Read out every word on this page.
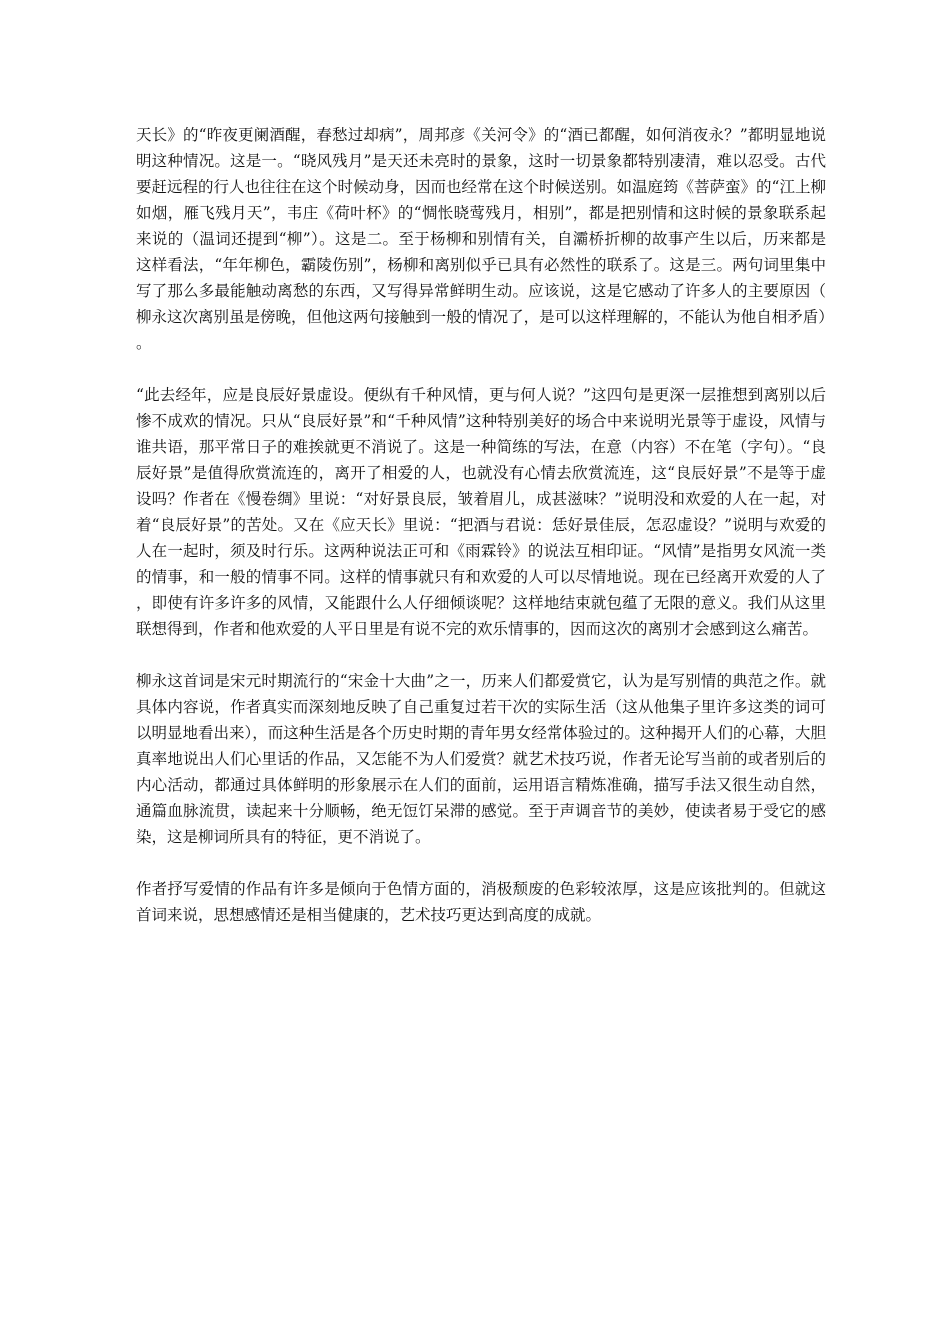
天长》的“昨夜更阑酒醒，春愁过却病”，周邦彦《关河令》的“酒已都醒，如何消夜永？”都明显地说明这种情况。这是一。“晓风残月”是天还未亮时的景象，这时一切景象都特别凄清，难以忍受。古代要赶远程的行人也往往在这个时候动身，因而也经常在这个时候送别。如温庭筠《菩萨蛮》的“江上柳如烟，雁飞残月天”，韦庄《荷叶杯》的“惆怅晓莺残月，相别”，都是把别情和这时候的景象联系起来说的（温词还提到“柳”）。这是二。至于杨柳和别情有关，自灞桥折柳的故事产生以后，历来都是这样看法，“年年柳色，霸陵伤别”，杨柳和离别似乎已具有必然性的联系了。这是三。两句词里集中写了那么多最能触动离愁的东西，又写得异常鲜明生动。应该说，这是它感动了许多人的主要原因（柳永这次离别虽是傍晚，但他这两句接触到一般的情况了，是可以这样理解的，不能认为他自相矛盾）。

“此去经年，应是良辰好景虚设。便纵有千种风情，更与何人说？”这四句是更深一层推想到离别以后惨不成欢的情况。只从“良辰好景”和“千种风情”这种特别美好的场合中来说明光景等于虚设，风情与谁共语，那平常日子的难挨就更不消说了。这是一种简练的写法，在意（内容）不在笔（字句）。“良辰好景”是值得欣赏流连的，离开了相爱的人，也就没有心情去欣赏流连，这“良辰好景”不是等于虚设吗？作者在《慢卷绸》里说：“对好景良辰，皱着眉儿，成甚滋味？”说明没和欢爱的人在一起，对着“良辰好景”的苦处。又在《应天长》里说：“把酒与君说：恁好景佳辰，怎忍虚设？”说明与欢爱的人在一起时，须及时行乐。这两种说法正可和《雨霖铃》的说法互相印证。“风情”是指男女风流一类的情事，和一般的情事不同。这样的情事就只有和欢爱的人可以尽情地说。现在已经离开欢爱的人了，即使有许多许多的风情，又能跟什么人仔细倾谈呢？这样地结束就包蕴了无限的意义。我们从这里联想得到，作者和他欢爱的人平日里是有说不完的欢乐情事的，因而这次的离别才会感到这么痛苦。

柳永这首词是宋元时期流行的“宋金十大曲”之一，历来人们都爱赏它，认为是写别情的典范之作。就具体内容说，作者真实而深刻地反映了自己重复过若干次的实际生活（这从他集子里许多这类的词可以明显地看出来），而这种生活是各个历史时期的青年男女经常体验过的。这种揭开人们的心幕，大胆真率地说出人们心里话的作品，又怎能不为人们爱赏？就艺术技巧说，作者无论写当前的或者别后的内心活动，都通过具体鲜明的形象展示在人们的面前，运用语言精炼准确，描写手法又很生动自然，通篇血脉流贯，读起来十分顺畅，绝无饾饤呆滞的感觉。至于声调音节的美妙，使读者易于受它的感染，这是柳词所具有的特征，更不消说了。

作者抒写爱情的作品有许多是倾向于色情方面的，消极颓废的色彩较浓厚，这是应该批判的。但就这首词来说，思想感情还是相当健康的，艺术技巧更达到高度的成就。
